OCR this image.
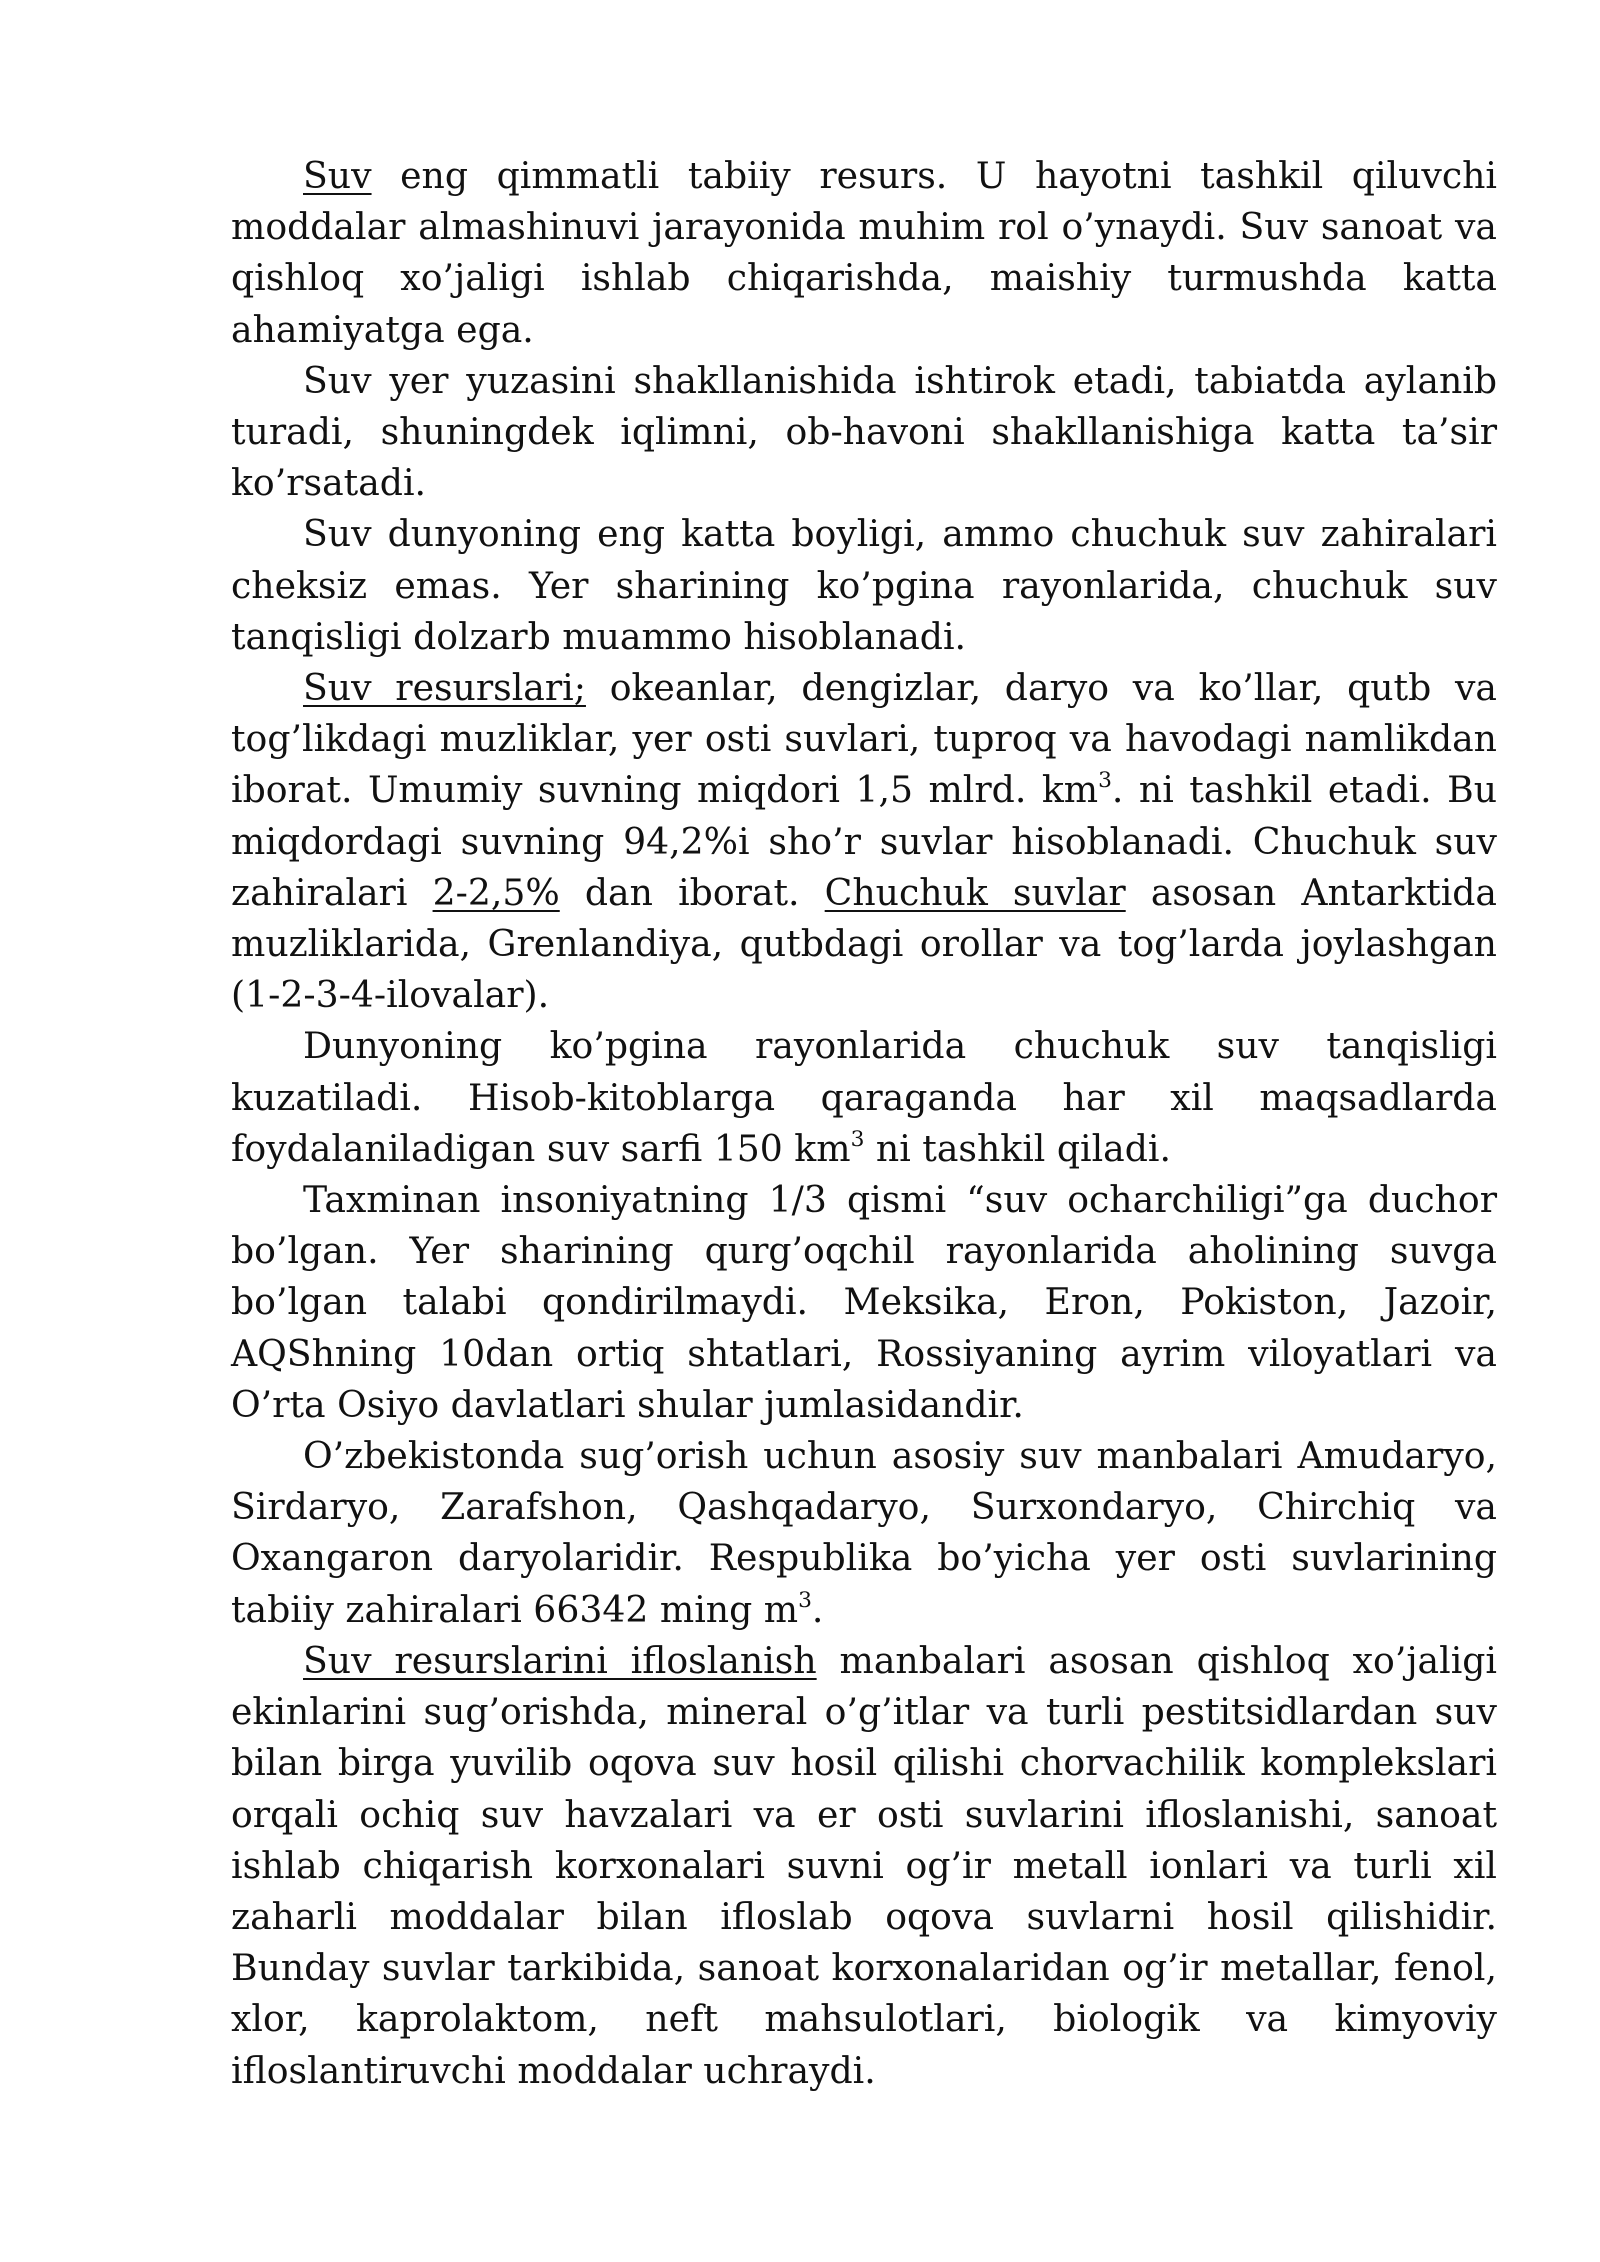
Suv eng qimmatli tabiiy resurs. U hayotni tashkil qiluvchi moddalar almashinuvi jarayonida muhim rol o’ynaydi. Suv sanoat va qishloq xo’jaligi ishlab chiqarishda, maishiy turmushda katta ahamiyatga ega.

Suv yer yuzasini shakllanishida ishtirok etadi, tabiatda aylanib turadi, shuningdek iqlimni, ob-havoni shakllanishiga katta ta’sir ko’rsatadi.

Suv dunyoning eng katta boyligi, ammo chuchuk suv zahiralari cheksiz emas. Yer sharining ko’pgina rayonlarida, chuchuk suv tanqisligi dolzarb muammo hisoblanadi.

Suv resurslari; okeanlar, dengizlar, daryo va ko’llar, qutb va tog’likdagi muzliklar, yer osti suvlari, tuproq va havodagi namlikdan iborat. Umumiy suvning miqdori 1,5 mlrd. $km^3$. ni tashkil etadi. Bu miqdordagi suvning 94,2%i sho’r suvlar hisoblanadi. Chuchuk suv zahiralari 2-2,5% dan iborat. Chuchuk suvlar asosan Antarktida muzliklarida, Grenlandiya, qutbdagi orollar va tog’larda joylashgan (1-2-3-4-ilovalar).

Dunyoning ko’pgina rayonlarida chuchuk suv tanqisligi kuzatiladi. Hisob-kitoblarga qaraganda har xil maqsadlarda foydalaniladigan suv sarfi 150 $km^3$ ni tashkil qiladi.

Taxminan insoniyatning 1/3 qismi “suv ocharchiligi”ga duchor bo’lgan. Yer sharining qurg’oqchil rayonlarida aholining suvga bo’lgan talabi qondirilmaydi. Meksika, Eron, Pokiston, Jazoir, AQShning 10dan ortiq shtatlari, Rossiyaning ayrim viloyatlari va O’rta Osiyo davlatlari shular jumlasidandir.

O’zbekistonda sug’orish uchun asosiy suv manbalari Amudaryo, Sirdaryo, Zarafshon, Qashqadaryo, Surxondaryo, Chirchiq va Oxangaron daryolaridir. Respublika bo’yicha yer osti suvlarining tabiiy zahiralari 66342 ming $m^3$.

Suv resurslarini ifloslanish manbalari asosan qishloq xo’jaligi ekinlarini sug’orishda, mineral o’g’itlar va turli pestitsidlardan suv bilan birga yuvilib oqova suv hosil qilishi chorvachilik komplekslari orqali ochiq suv havzalari va er osti suvlarini ifloslanishi, sanoat ishlab chiqarish korxonalari suvni og’ir metall ionlari va turli xil zaharli moddalar bilan ifloslab oqova suvlarni hosil qilishidir. Bunday suvlar tarkibida, sanoat korxonalaridan og’ir metallar, fenol, xlor, kaprolaktom, neft mahsulotlari, biologik va kimyoviy ifloslantiruvchi moddalar uchraydi.
